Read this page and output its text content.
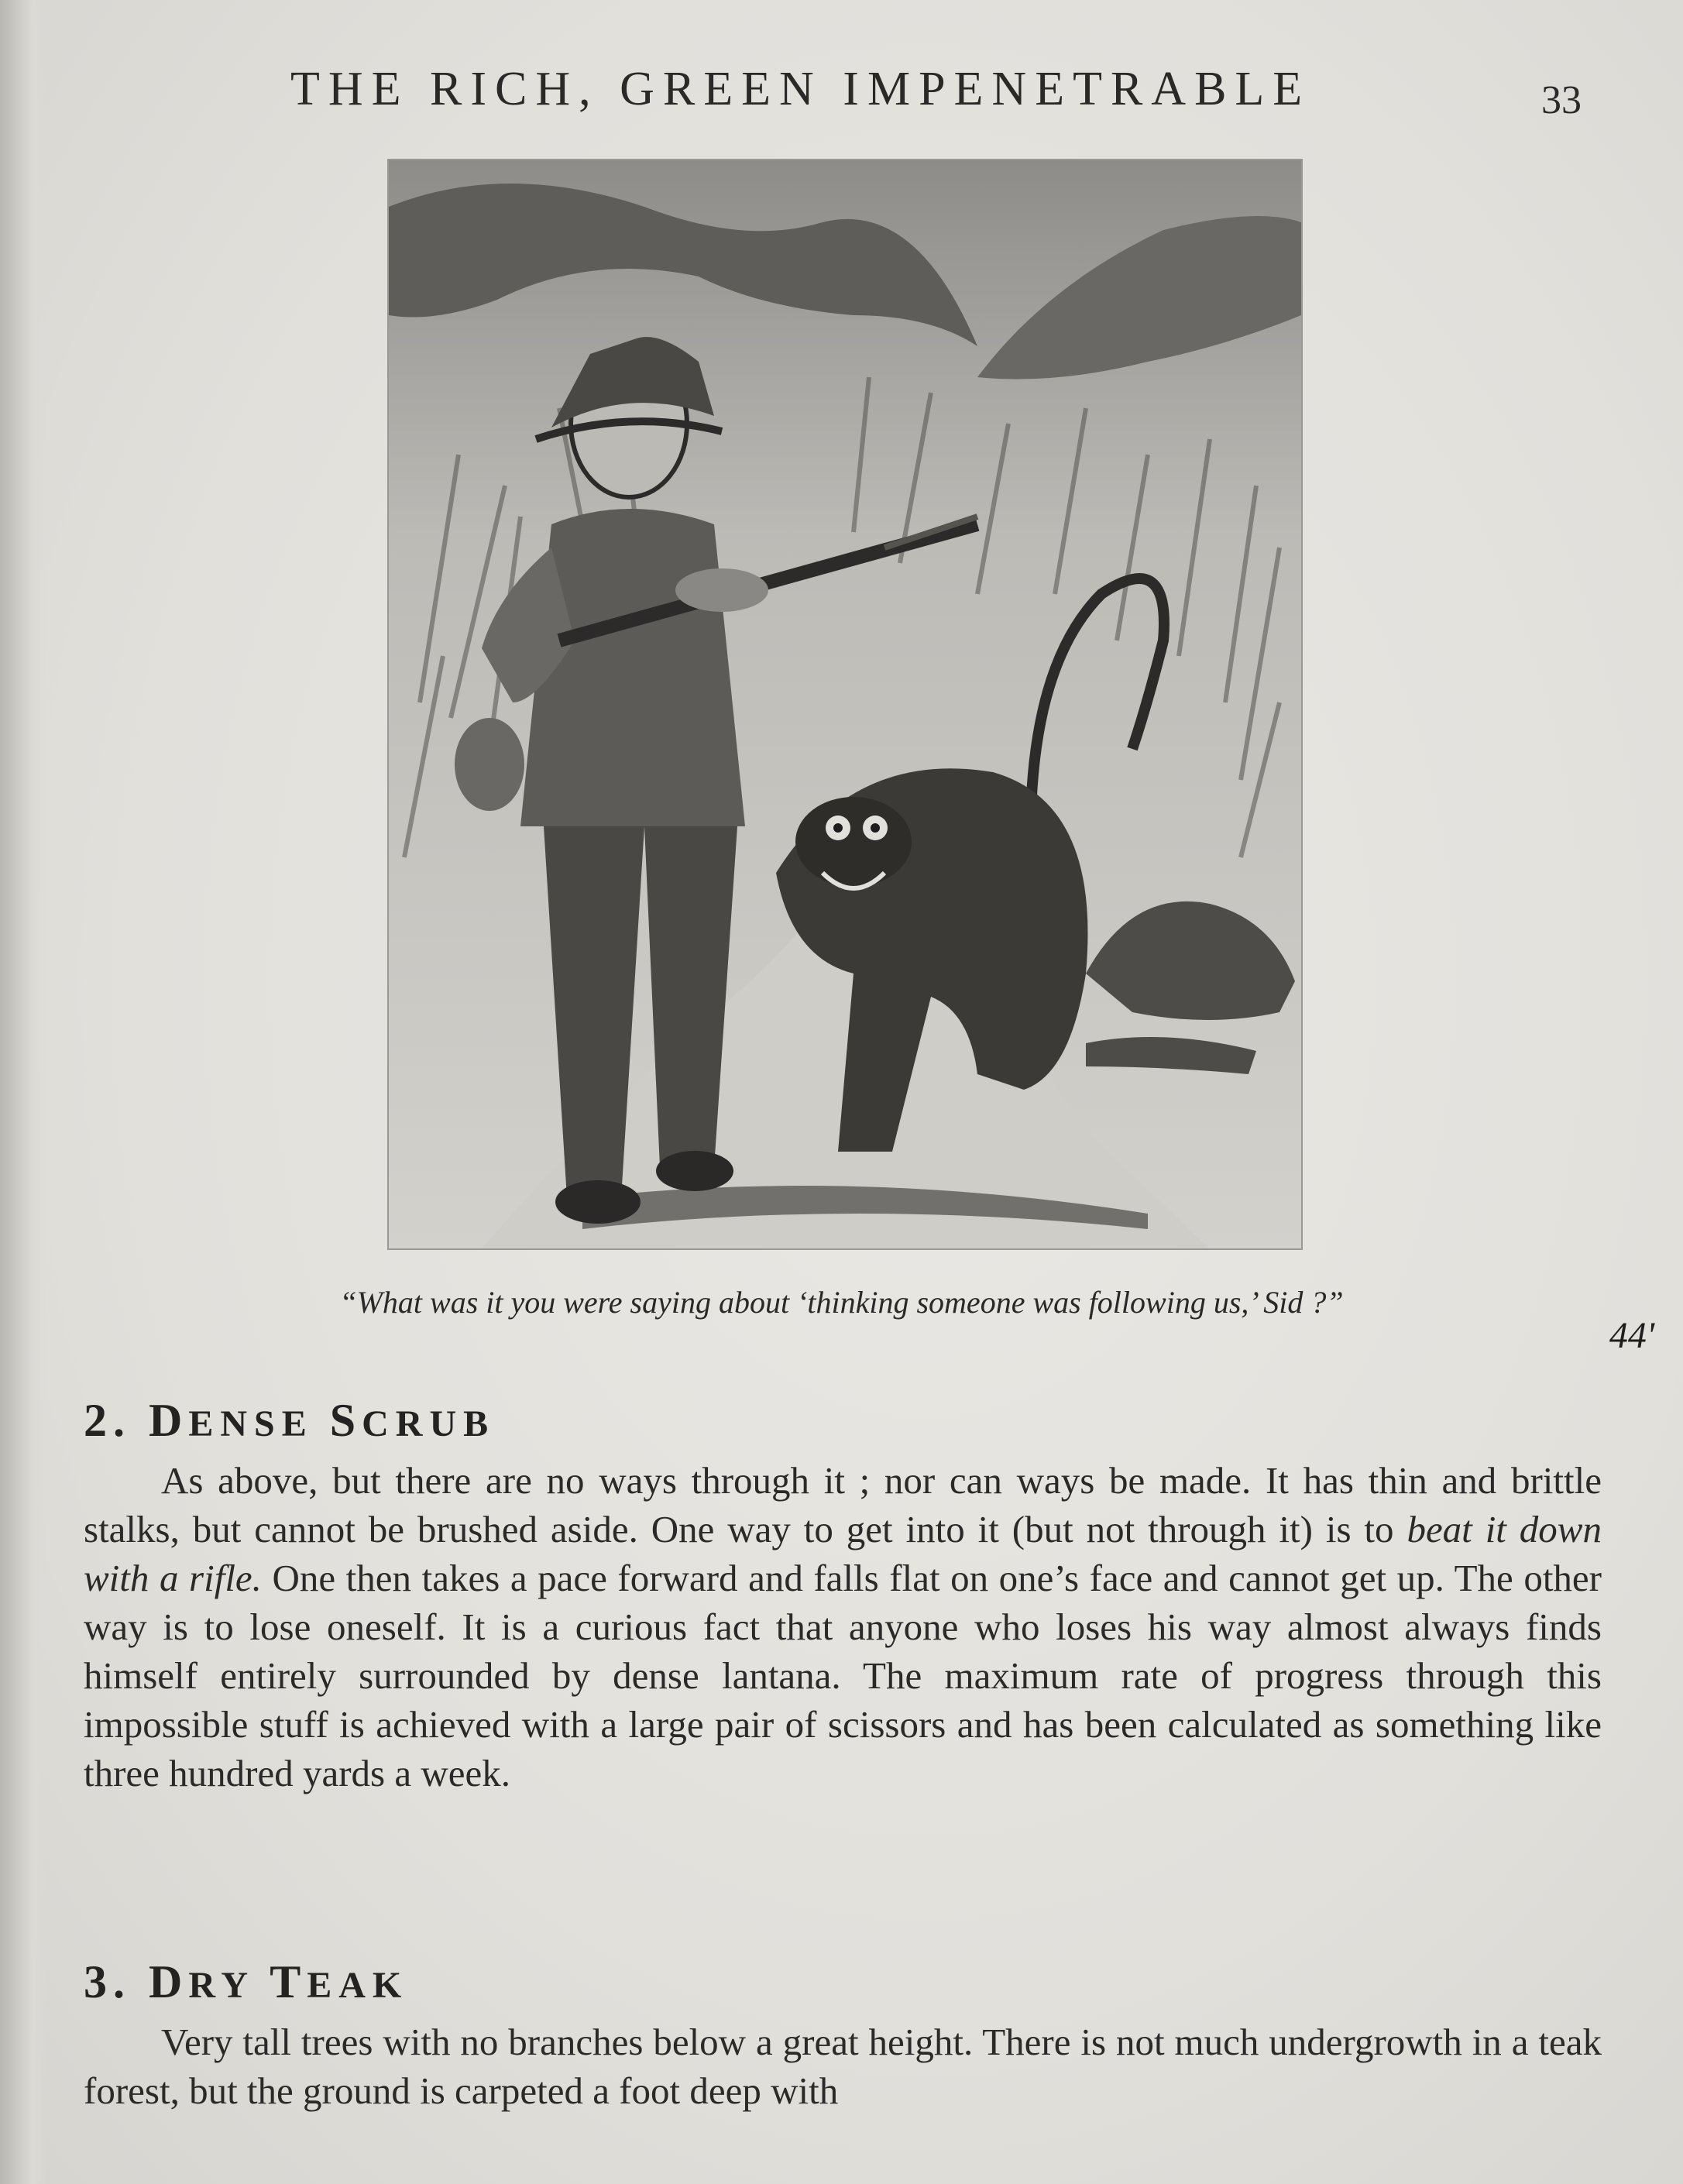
THE RICH, GREEN IMPENETRABLE	33
44'
“What was it you were saying about ‘thinking someone was following us,’ Sid ?”
2. DENSE SCRUB

As above, but there are no ways through it ; nor can ways be made. It has thin and brittle stalks, but cannot be brushed aside. One way to get into it (but not through it) is to beat it down with a rifle. One then takes a pace forward and falls flat on one’s face and cannot get up. The other way is to lose oneself. It is a curious fact that anyone who loses his way almost always finds himself entirely surrounded by dense lantana. The maximum rate of progress through this impossible stuff is achieved with a large pair of scissors and has been calculated as something like three hundred yards a week.

3. DRY TEAK

Very tall trees with no branches below a great height. There is not much undergrowth in a teak forest, but the ground is carpeted a foot deep with
